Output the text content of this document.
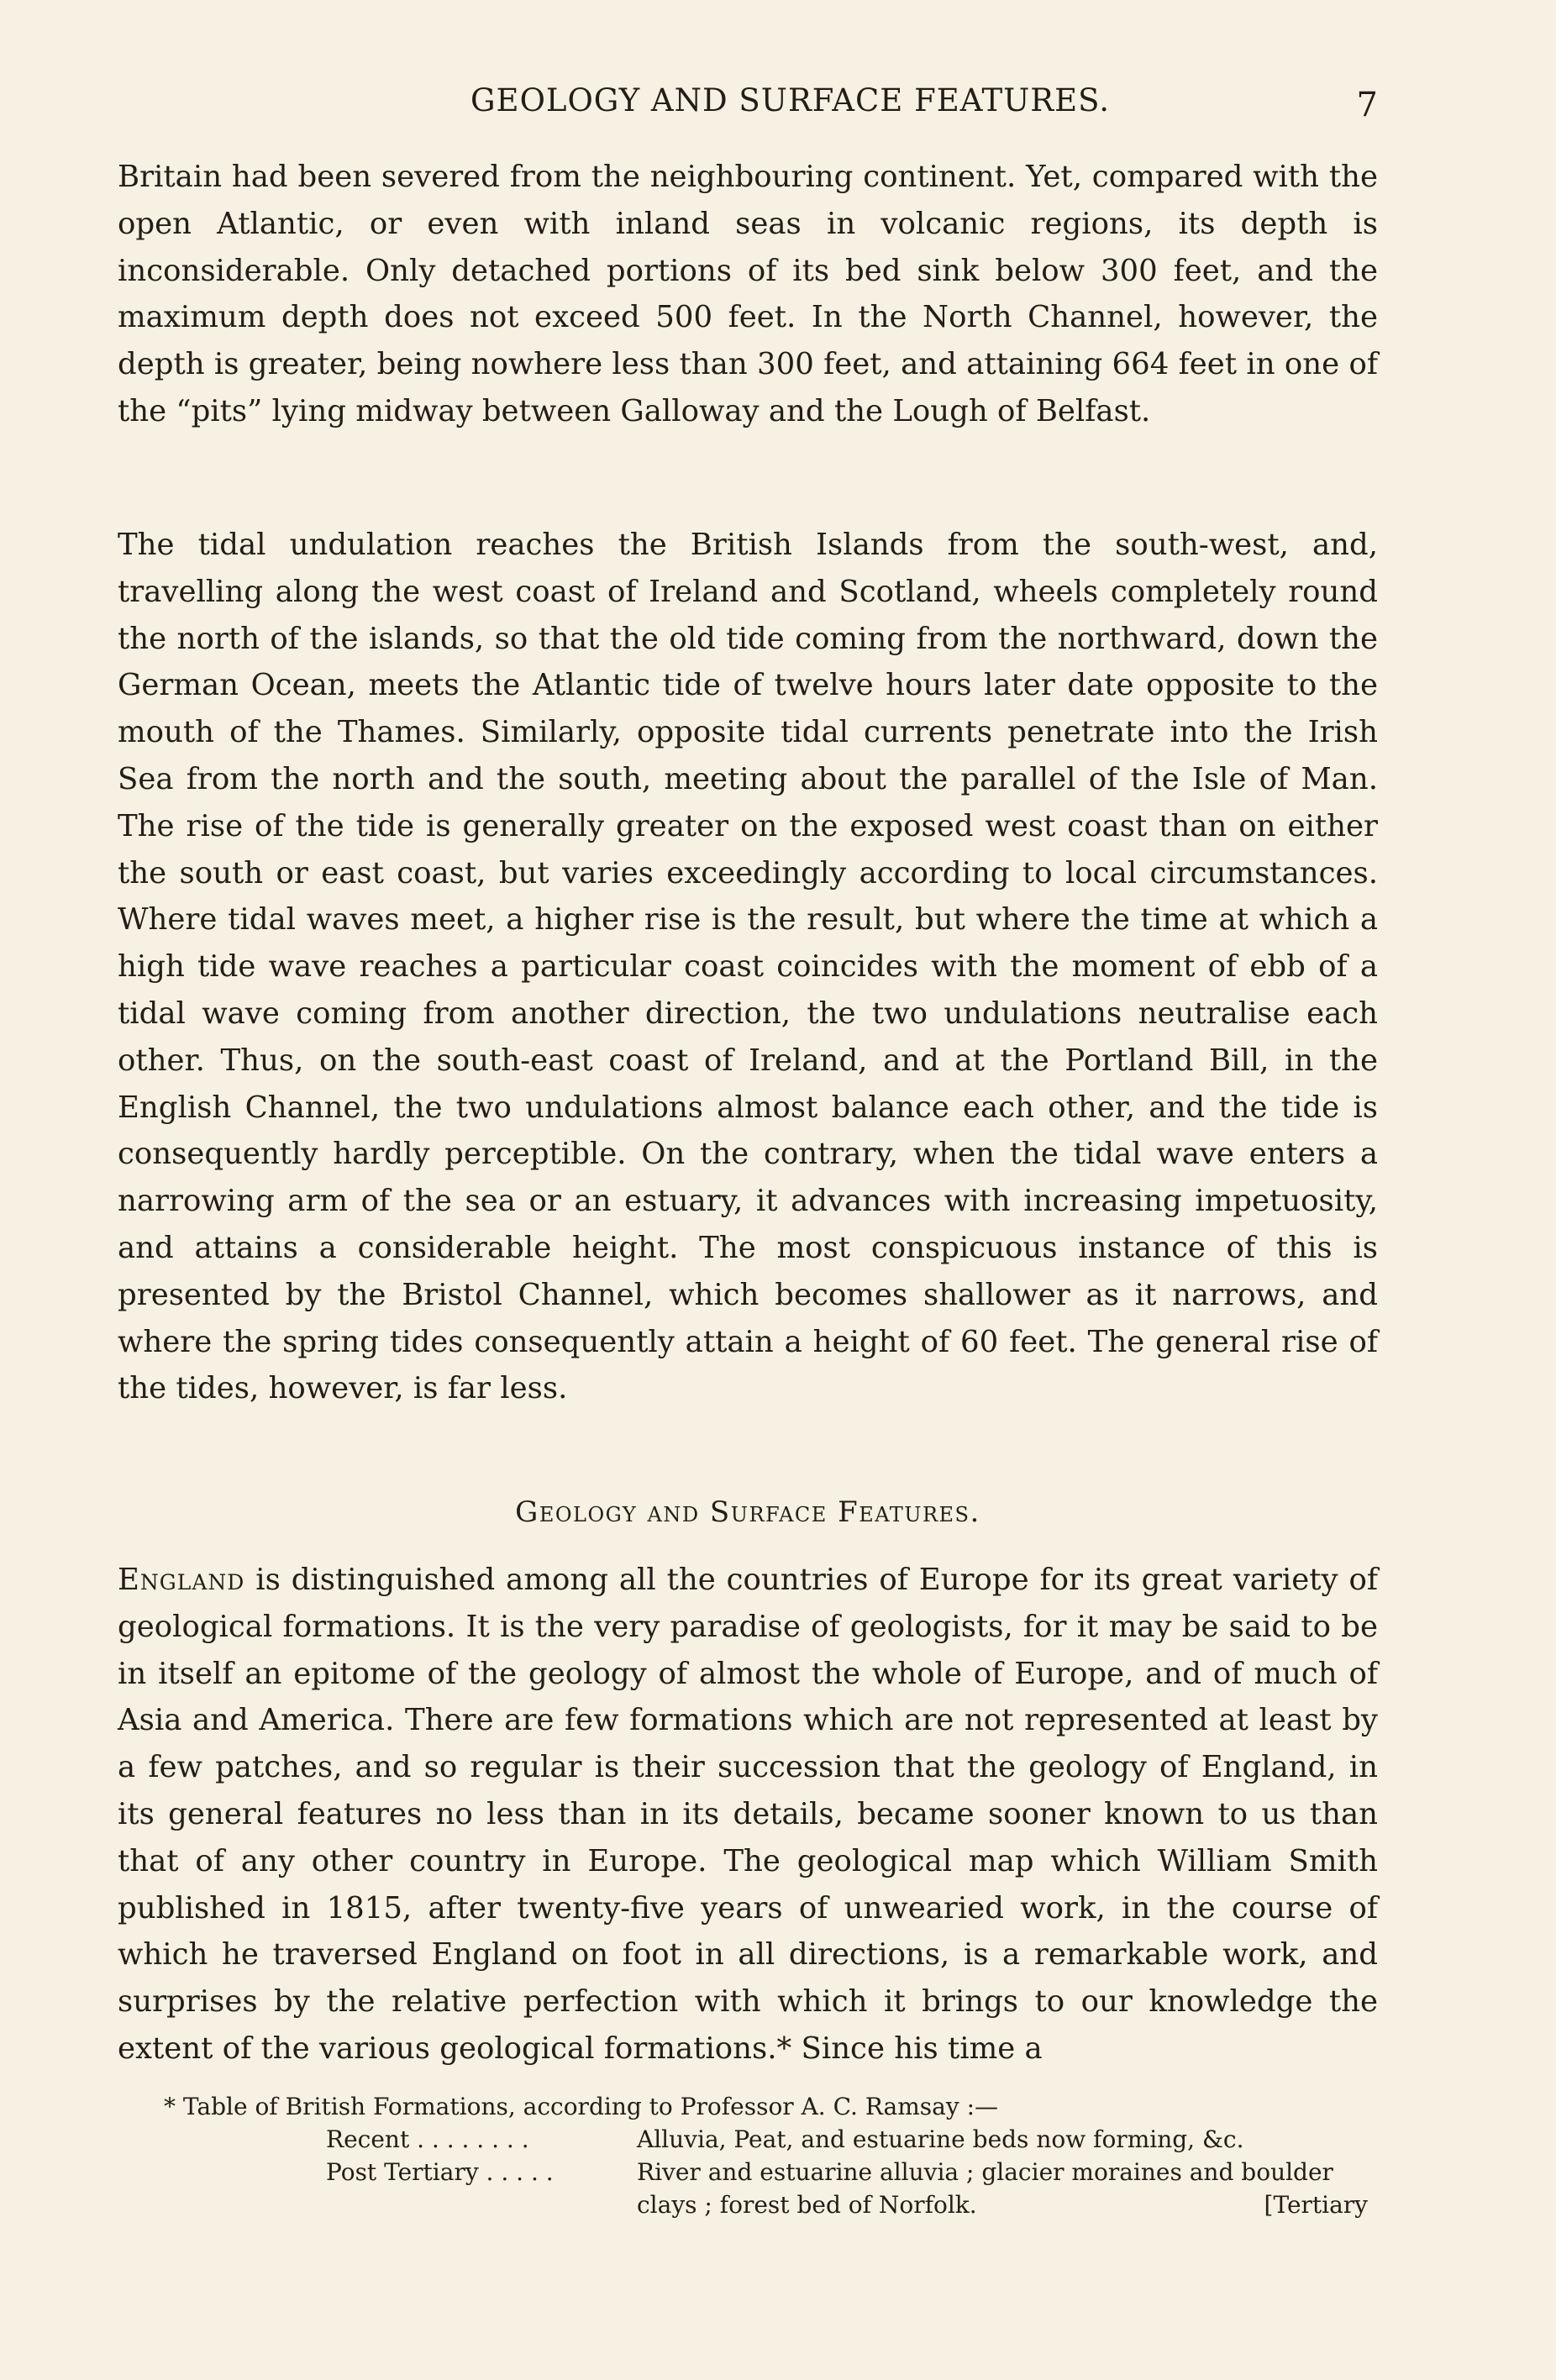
GEOLOGY AND SURFACE FEATURES.	7

Britain had been severed from the neighbouring continent. Yet, compared with the open Atlantic, or even with inland seas in volcanic regions, its depth is inconsiderable. Only detached portions of its bed sink below 300 feet, and the maximum depth does not exceed 500 feet. In the North Channel, however, the depth is greater, being nowhere less than 300 feet, and attaining 664 feet in one of the “pits” lying midway between Galloway and the Lough of Belfast.

The tidal undulation reaches the British Islands from the south-west, and, travelling along the west coast of Ireland and Scotland, wheels completely round the north of the islands, so that the old tide coming from the northward, down the German Ocean, meets the Atlantic tide of twelve hours later date opposite to the mouth of the Thames. Similarly, opposite tidal currents penetrate into the Irish Sea from the north and the south, meeting about the parallel of the Isle of Man. The rise of the tide is generally greater on the exposed west coast than on either the south or east coast, but varies exceedingly according to local circumstances. Where tidal waves meet, a higher rise is the result, but where the time at which a high tide wave reaches a particular coast coincides with the moment of ebb of a tidal wave coming from another direction, the two undulations neutralise each other. Thus, on the south-east coast of Ireland, and at the Portland Bill, in the English Channel, the two undulations almost balance each other, and the tide is consequently hardly perceptible. On the contrary, when the tidal wave enters a narrowing arm of the sea or an estuary, it advances with increasing impetuosity, and attains a considerable height. The most conspicuous instance of this is presented by the Bristol Channel, which becomes shallower as it narrows, and where the spring tides consequently attain a height of 60 feet. The general rise of the tides, however, is far less.

Geology and Surface Features.

England is distinguished among all the countries of Europe for its great variety of geological formations. It is the very paradise of geologists, for it may be said to be in itself an epitome of the geology of almost the whole of Europe, and of much of Asia and America. There are few formations which are not represented at least by a few patches, and so regular is their succession that the geology of England, in its general features no less than in its details, became sooner known to us than that of any other country in Europe. The geological map which William Smith published in 1815, after twenty-five years of unwearied work, in the course of which he traversed England on foot in all directions, is a remarkable work, and surprises by the relative perfection with which it brings to our knowledge the extent of the various geological formations.* Since his time a

* Table of British Formations, according to Professor A. C. Ramsay :—
Recent . . . . . . . .	Alluvia, Peat, and estuarine beds now forming, &c.
Post Tertiary . . . . .	River and estuarine alluvia ; glacier moraines and boulder
clays ; forest bed of Norfolk.	[Tertiary
